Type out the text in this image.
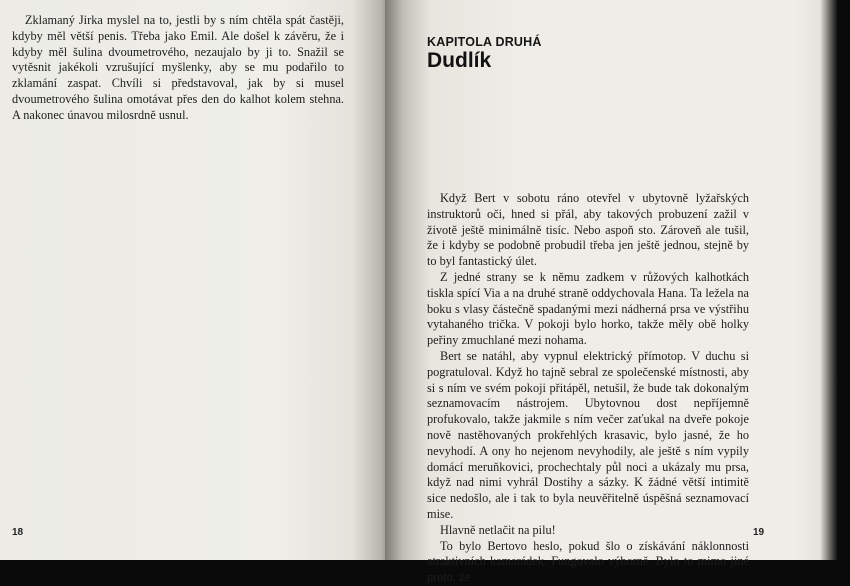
Zklamaný Jirka myslel na to, jestli by s ním chtěla spát častěji, kdyby měl větší penis. Třeba jako Emil. Ale došel k závěru, že i kdyby měl šulina dvoumetrového, nezaujalo by ji to. Snažil se vytěsnit jakékoli vzrušující myšlenky, aby se mu podařilo to zklamání zaspat. Chvíli si představoval, jak by si musel dvoumetrového šulina omotávat přes den do kalhot kolem stehna. A nakonec únavou milosrdně usnul.

18
KAPITOLA DRUHÁ
Dudlík

Když Bert v sobotu ráno otevřel v ubytovně lyžařských instruktorů oči, hned si přál, aby takových probuzení zažil v životě ještě minimálně tisíc. Nebo aspoň sto. Zároveň ale tušil, že i kdyby se podobně probudil třeba jen ještě jednou, stejně by to byl fantastický úlet.

Z jedné strany se k němu zadkem v růžových kalhotkách tiskla spící Via a na druhé straně oddychovala Hana. Ta ležela na boku s vlasy částečně spadanými mezi nádherná prsa ve výstřihu vytahaného trička. V pokoji bylo horko, takže měly obě holky peřiny zmuchlané mezi nohama.

Bert se natáhl, aby vypnul elektrický přímotop. V duchu si pogratuloval. Když ho tajně sebral ze společenské místnosti, aby si s ním ve svém pokoji přitápěl, netušil, že bude tak dokonalým seznamovacím nástrojem. Ubytovnou dost nepříjemně profukovalo, takže jakmile s ním večer zaťukal na dveře pokoje nově nastěhovaných prokřehlých krasavic, bylo jasné, že ho nevyhodí. A ony ho nejenom nevyhodily, ale ještě s ním vypily domácí meruňkovici, prochechtaly půl noci a ukázaly mu prsa, když nad nimi vyhrál Dostihy a sázky. K žádné větší intimitě sice nedošlo, ale i tak to byla neuvěřitelně úspěšná seznamovací mise.

Hlavně netlačit na pilu!

To bylo Bertovo heslo, pokud šlo o získávání náklonnosti atraktivních kamarádek. Fungovalo výborně. Bylo to mimo jiné proto, že

19
